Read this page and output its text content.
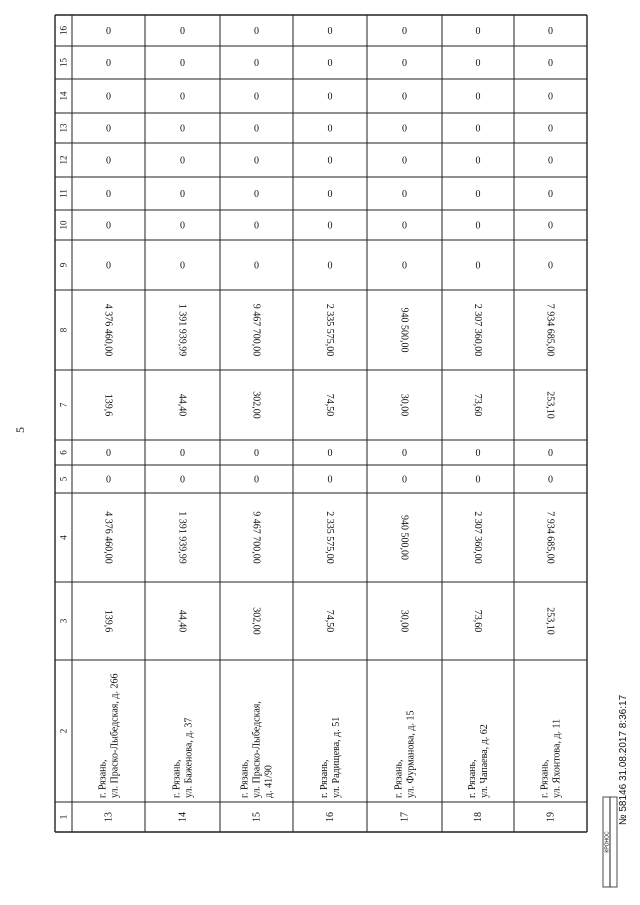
16
15
14
13
12
11
10
9
8
7
6
5
4
3
2
1	13
г. Рязань, ул. Праско-Лыбедская, д. 266
139,6
4 376 460,00
139,6
4 376 460,00
0
0
0
0
0
0
0
0
0
0
14
г. Рязань, ул. Баженова, д. 37
44,40
1 391 939,99
44,40
1 391 939,99
0
0
0
0
0
0
0
0
0
0
15
г. Рязань, ул. Праско-Лыбедская, д. 41/90
302,00
9 467 700,00
302,00
9 467 700,00
0
0
0
0
0
0
0
0
0
0
16
г. Рязань, ул. Радищева, д. 51
74,50
2 335 575,00
74,50
2 335 575,00
0
0
0
0
0
0
0
0
0
0
17
г. Рязань, ул. Фурманова, д. 15
30,00
940 500,00
30,00
940 500,00
0
0
0
0
0
0
0
0
0
0
18
г. Рязань, ул. Чапаева, д. 62
73,60
2 307 360,00
73,60
2 307 360,00
0
0
0
0
0
0
0
0
0
0
19
г. Рязань, ул. Яхонтова, д. 11
253,10
7 934 685,00
253,10
7 934 685,00
0
0
0
0
0
0
0
0
0
0
5
№ 58146 31.08.2017 8:36:17
КРОНОС
